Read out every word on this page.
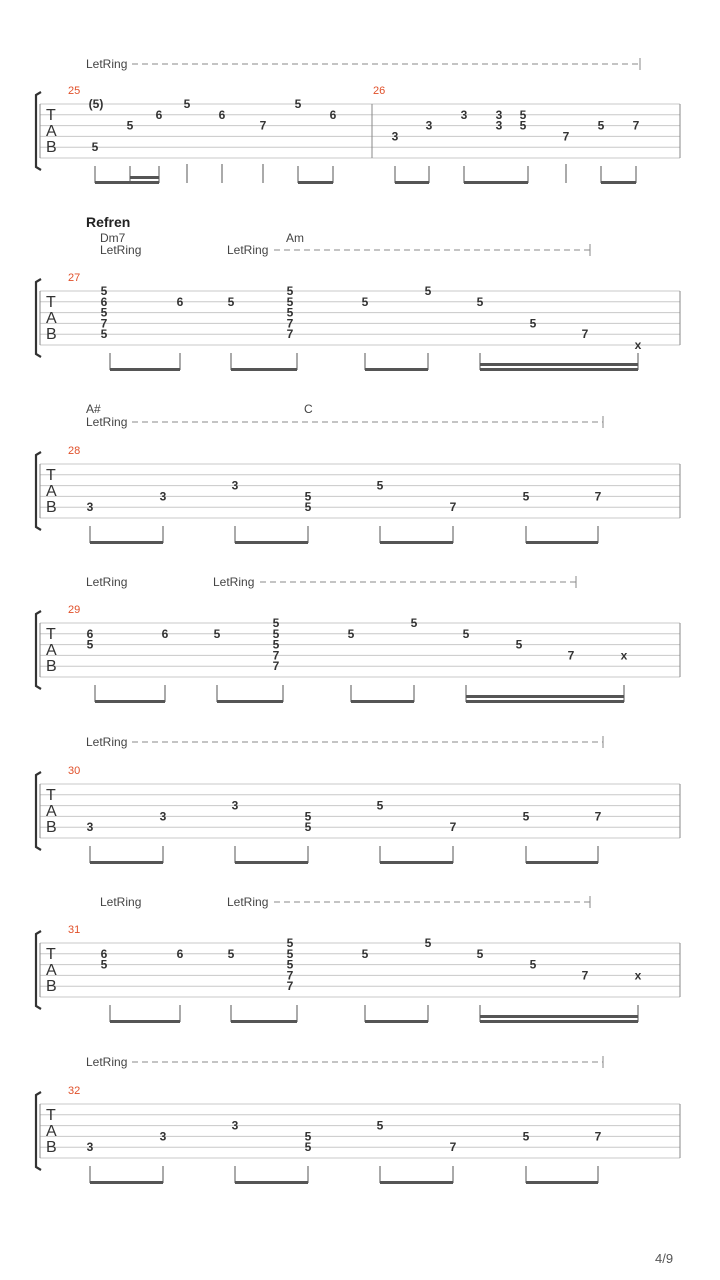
4/9
T
A
B
25
5
(5)
5
6
5
6
7
5
6
26
3
3
3 3
3
5
5
7
5 7
LetRing
T
A
B
27
5
6
5
7
5
6	5
5
5
5
7
7
5
5
5
5
7
x
Refren
Dm7	Am
LetRing	LetRing
T
A
B
28
3
3
3
5
5
5
7
5	7
A#	C
LetRing
T
A
B
29
6
5
6	5
5
5
5
7
7
5
5
5
5
7	x
LetRing	LetRing
T
A
B
30
3
3
3
5
5
5
7
5	7
LetRing
T
A
B
31
6
5
6	5
5
5
5
7
7
5
5
5
5
7	x
LetRing	LetRing
T
A
B
32
3
3
3
5
5
5
7
5	7
LetRing
